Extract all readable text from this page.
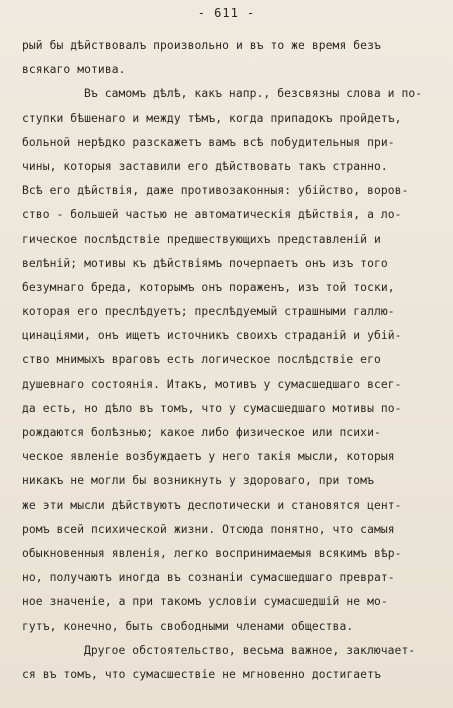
- 611 -
рый бы дѣйствовалъ произвольно и въ то же время безъ
всякаго мотива.
Въ самомъ дѣлѣ, какъ напр., безсвязны слова и по-
ступки бѣшенаго и между тѣмъ, когда припадокъ пройдетъ,
больной нерѣдко разскажетъ вамъ всѣ побудительныя при-
чины, которыя заставили его дѣйствовать такъ странно.
Всѣ его дѣйствія, даже противозаконныя: убійство, воров-
ство - большей частью не автоматическія дѣйствія, а ло-
гическое послѣдствіе предшествующихъ представленій и
велѣній; мотивы къ дѣйствіямъ почерпаетъ онъ изъ того
безумнаго бреда, которымъ онъ пораженъ, изъ той тоски,
которая его преслѣдуетъ; преслѣдуемый страшными галлю-
цинаціями, онъ ищетъ источникъ своихъ страданій и убій-
ство мнимыхъ враговъ есть логическое послѣдствіе его
душевнаго состоянія. Итакъ, мотивъ у сумасшедшаго всег-
да есть, но дѣло въ томъ, что у сумасшедшаго мотивы по-
рождаются болѣзнью; какое либо физическое или психи-
ческое явленіе возбуждаетъ у него такія мысли, которыя
никакъ не могли бы возникнуть у здороваго, при томъ
же эти мысли дѣйствуютъ деспотически и становятся цент-
ромъ всей психической жизни. Отсюда понятно, что самыя
обыкновенныя явленія, легко воспринимаемыя всякимъ вѣр-
но, получаютъ иногда въ сознаніи сумасшедшаго преврат-
ное значеніе, а при такомъ условіи сумасшедшій не мо-
гутъ, конечно, быть свободными членами общества.
Другое обстоятельство, весьма важное, заключает-
ся въ томъ, что сумасшествіе не мгновенно достигаетъ
